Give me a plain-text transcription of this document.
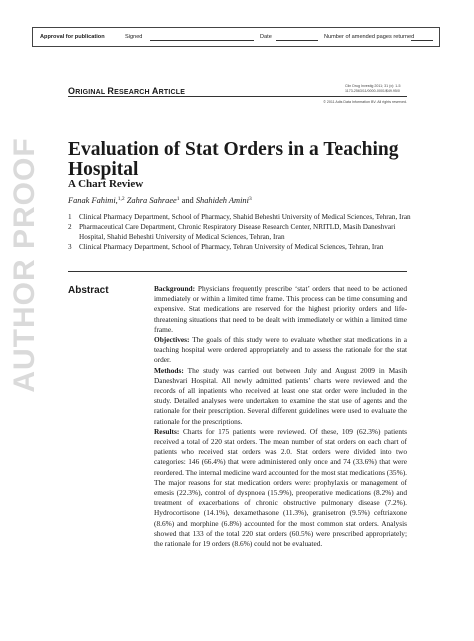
Approval for publication	Signed	Date	Number of amended pages returned
ORIGINAL RESEARCH ARTICLE
Clin Drug Investig 2011; 31 (x): 1-5
1173-2563/11/0000-0001/$49.95/0
© 2011 Adis Data Information BV. All rights reserved.
Evaluation of Stat Orders in a Teaching Hospital
A Chart Review
Fanak Fahimi,$^{1,2}$ Zahra Sahraee$^1$ and Shahideh Amini$^3$
1 Clinical Pharmacy Department, School of Pharmacy, Shahid Beheshti University of Medical Sciences, Tehran, Iran
2 Pharmaceutical Care Department, Chronic Respiratory Disease Research Center, NRITLD, Masih Daneshvari Hospital, Shahid Beheshti University of Medical Sciences, Tehran, Iran
3 Clinical Pharmacy Department, School of Pharmacy, Tehran University of Medical Sciences, Tehran, Iran
AUTHOR PROOF	Abstract	Background: Physicians frequently prescribe ‘stat’ orders that need to be actioned immediately or within a limited time frame. This process can be time consuming and expensive. Stat medications are reserved for the highest priority orders and life-threatening situations that need to be dealt with immediately or within a limited time frame.

Objectives: The goals of this study were to evaluate whether stat medications in a teaching hospital were ordered appropriately and to assess the rationale for the stat order.

Methods: The study was carried out between July and August 2009 in Masih Daneshvari Hospital. All newly admitted patients’ charts were reviewed and the records of all inpatients who received at least one stat order were included in the study. Detailed analyses were undertaken to examine the stat use of agents and the rationale for their prescription. Several different guidelines were used to evaluate the rationale for the prescriptions.

Results: Charts for 175 patients were reviewed. Of these, 109 (62.3%) patients received a total of 220 stat orders. The mean number of stat orders on each chart of patients who received stat orders was 2.0. Stat orders were divided into two categories: 146 (66.4%) that were administered only once and 74 (33.6%) that were reordered. The internal medicine ward accounted for the most stat medications (35%). The major reasons for stat medication orders were: prophylaxis or management of emesis (22.3%), control of dyspnoea (15.9%), preoperative medications (8.2%) and treatment of exacerbations of chronic obstructive pulmonary disease (7.2%). Hydrocortisone (14.1%), dexamethasone (11.3%), granisetron (9.5%) ceftriaxone (8.6%) and morphine (6.8%) accounted for the most common stat orders. Analysis showed that 133 of the total 220 stat orders (60.5%) were prescribed appropriately; the rationale for 19 orders (8.6%) could not be evaluated.
